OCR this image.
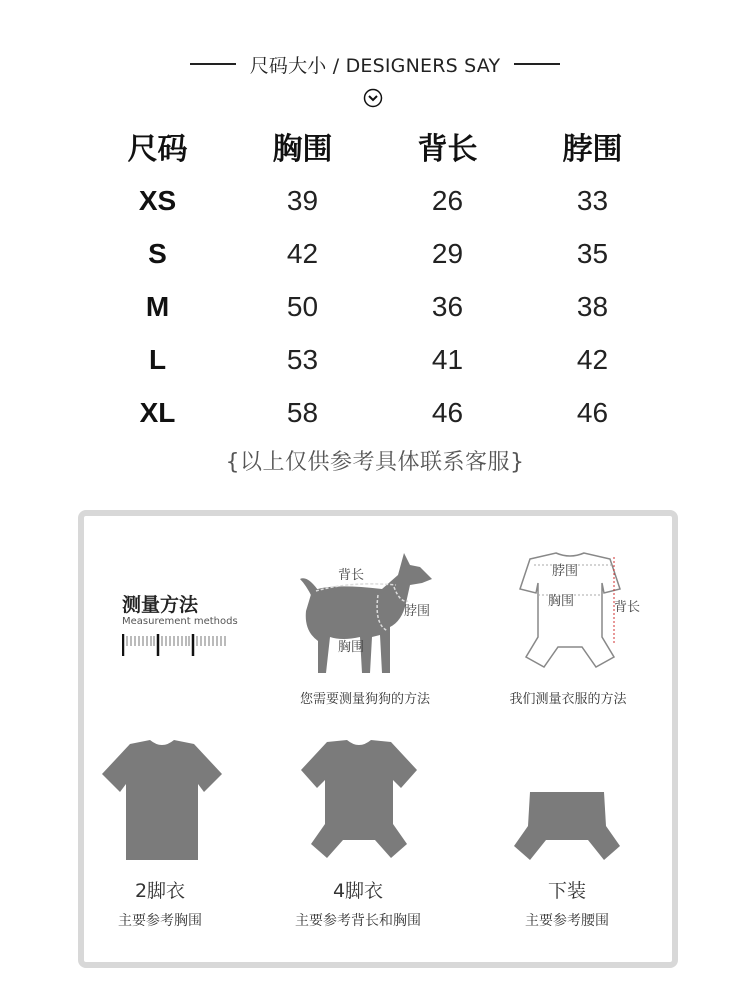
尺码大小 / DESIGNERS SAY
尺码	胸围	背长	脖围
XS	39	26	33
S	42	29	35
M	50	36	38
L	53	41	42
XL	58	46	46
{以上仅供参考具体联系客服}
测量方法
Measurement methods
背长
脖围
胸围
您需要测量狗狗的方法
脖围
胸围	背长
我们测量衣服的方法
2脚衣
主要参考胸围
4脚衣
主要参考背长和胸围
下装
主要参考腰围
